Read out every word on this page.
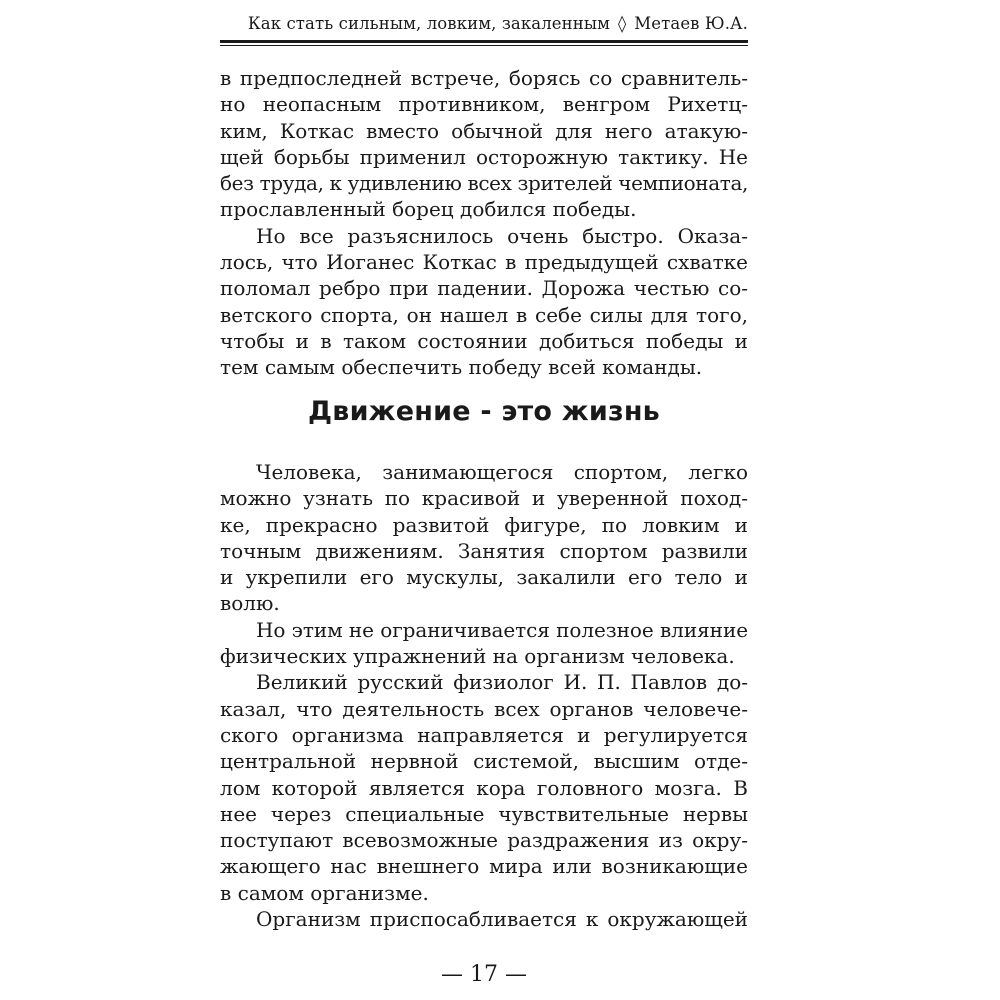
Как стать сильным, ловким, закаленным ◊ Метаев Ю.А.
в предпоследней встрече, борясь со сравнитель-
но неопасным противником, венгром Рихетц-
ким, Коткас вместо обычной для него атакую-
щей борьбы применил осторожную тактику. Не
без труда, к удивлению всех зрителей чемпионата,
прославленный борец добился победы.
Но все разъяснилось очень быстро. Оказа-
лось, что Иоганес Коткас в предыдущей схватке
поломал ребро при падении. Дорожа честью со-
ветского спорта, он нашел в себе силы для того,
чтобы и в таком состоянии добиться победы и
тем самым обеспечить победу всей команды.
Движение - это жизнь
Человека, занимающегося спортом, легко
можно узнать по красивой и уверенной поход-
ке, прекрасно развитой фигуре, по ловким и
точным движениям. Занятия спортом развили
и укрепили его мускулы, закалили его тело и
волю.
Но этим не ограничивается полезное влияние
физических упражнений на организм человека.
Великий русский физиолог И. П. Павлов до-
казал, что деятельность всех органов человече-
ского организма направляется и регулируется
центральной нервной системой, высшим отде-
лом которой является кора головного мозга. В
нее через специальные чувствительные нервы
поступают всевозможные раздражения из окру-
жающего нас внешнего мира или возникающие
в самом организме.
Организм приспосабливается к окружающей
— 17 —
